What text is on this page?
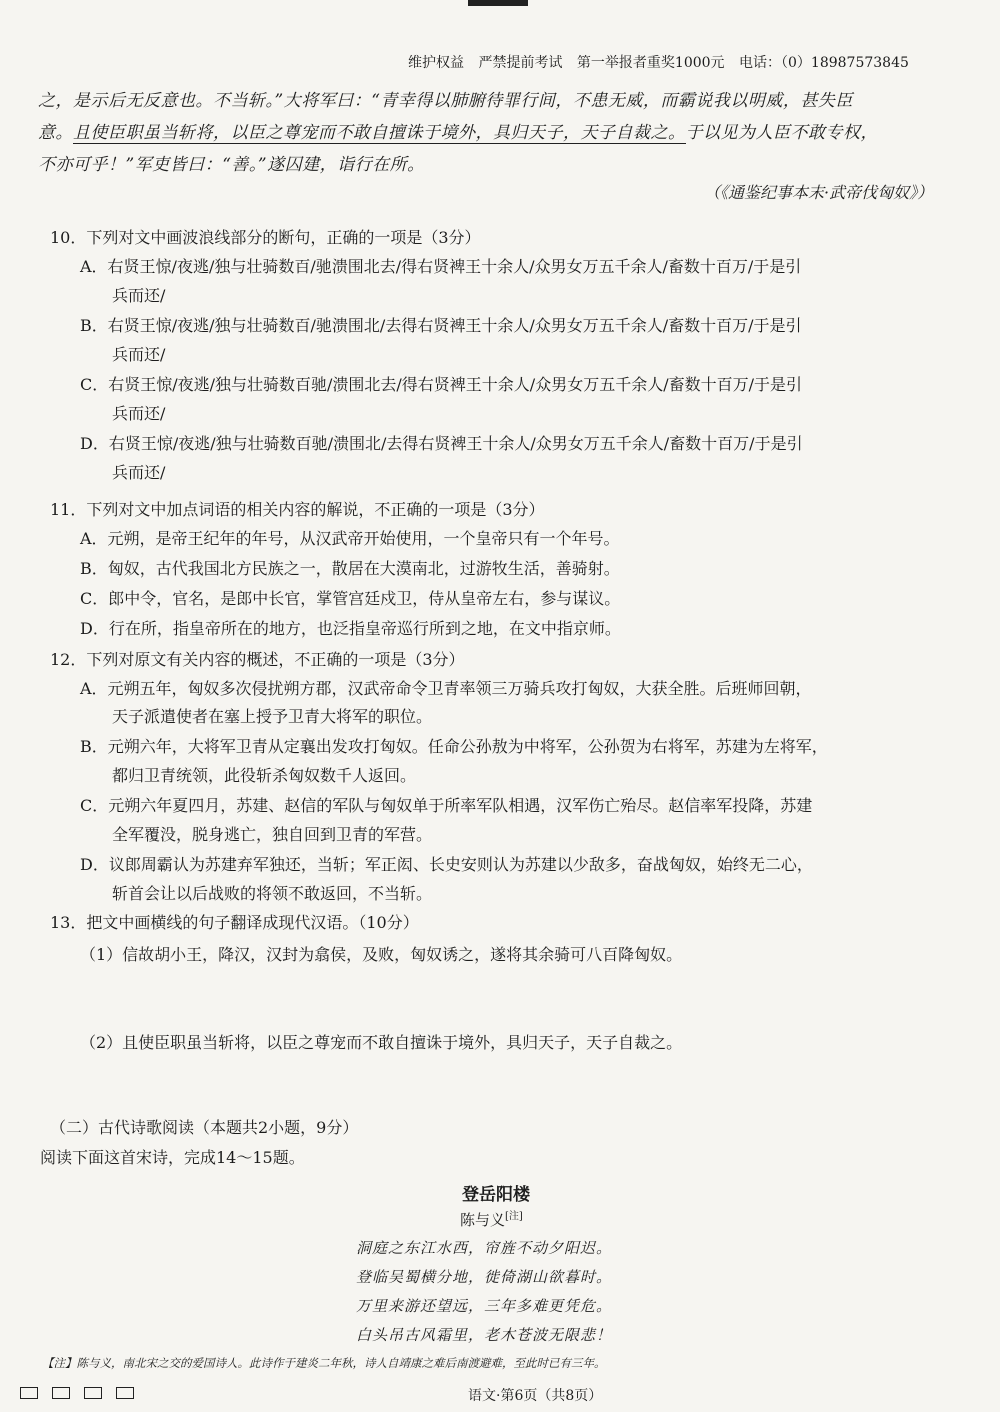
维护权益 严禁提前考试 第一举报者重奖1000元 电话：（0）18987573845
之，是示后无反意也。不当斩。”大将军曰：“青幸得以肺腑待罪行间，不患无威，而霸说我以明威，甚失臣
意。且使臣职虽当斩将，以臣之尊宠而不敢自擅诛于境外，具归天子，天子自裁之。于以见为人臣不敢专权，
不亦可乎！”军吏皆曰：“善。”遂囚建，诣行在所。
（《通鉴纪事本末·武帝伐匈奴》）
10．下列对文中画波浪线部分的断句，正确的一项是（3分）
A．右贤王惊/夜逃/独与壮骑数百/驰溃围北去/得右贤裨王十余人/众男女万五千余人/畜数十百万/于是引
兵而还/
B．右贤王惊/夜逃/独与壮骑数百/驰溃围北/去得右贤裨王十余人/众男女万五千余人/畜数十百万/于是引
兵而还/
C．右贤王惊/夜逃/独与壮骑数百驰/溃围北去/得右贤裨王十余人/众男女万五千余人/畜数十百万/于是引
兵而还/
D．右贤王惊/夜逃/独与壮骑数百驰/溃围北/去得右贤裨王十余人/众男女万五千余人/畜数十百万/于是引
兵而还/
11．下列对文中加点词语的相关内容的解说，不正确的一项是（3分）
A．元朔，是帝王纪年的年号，从汉武帝开始使用，一个皇帝只有一个年号。
B．匈奴，古代我国北方民族之一，散居在大漠南北，过游牧生活，善骑射。
C．郎中令，官名，是郎中长官，掌管宫廷戍卫，侍从皇帝左右，参与谋议。
D．行在所，指皇帝所在的地方，也泛指皇帝巡行所到之地，在文中指京师。
12．下列对原文有关内容的概述，不正确的一项是（3分）
A．元朔五年，匈奴多次侵扰朔方郡，汉武帝命令卫青率领三万骑兵攻打匈奴，大获全胜。后班师回朝，
天子派遣使者在塞上授予卫青大将军的职位。
B．元朔六年，大将军卫青从定襄出发攻打匈奴。任命公孙敖为中将军，公孙贺为右将军，苏建为左将军，
都归卫青统领，此役斩杀匈奴数千人返回。
C．元朔六年夏四月，苏建、赵信的军队与匈奴单于所率军队相遇，汉军伤亡殆尽。赵信率军投降，苏建
全军覆没，脱身逃亡，独自回到卫青的军营。
D．议郎周霸认为苏建弃军独还，当斩；军正闳、长史安则认为苏建以少敌多，奋战匈奴，始终无二心，
斩首会让以后战败的将领不敢返回，不当斩。
13．把文中画横线的句子翻译成现代汉语。（10分）
（1）信故胡小王，降汉，汉封为翕侯，及败，匈奴诱之，遂将其余骑可八百降匈奴。
（2）且使臣职虽当斩将，以臣之尊宠而不敢自擅诛于境外，具归天子，天子自裁之。
（二）古代诗歌阅读（本题共2小题，9分）
阅读下面这首宋诗，完成14～15题。
登岳阳楼
陈与义[注]
洞庭之东江水西，帘旌不动夕阳迟。
登临吴蜀横分地，徙倚湖山欲暮时。
万里来游还望远，三年多难更凭危。
白头吊古风霜里，老木苍波无限悲！
【注】陈与义，南北宋之交的爱国诗人。此诗作于建炎二年秋，诗人自靖康之难后南渡避难，至此时已有三年。
语文·第6页（共8页）
